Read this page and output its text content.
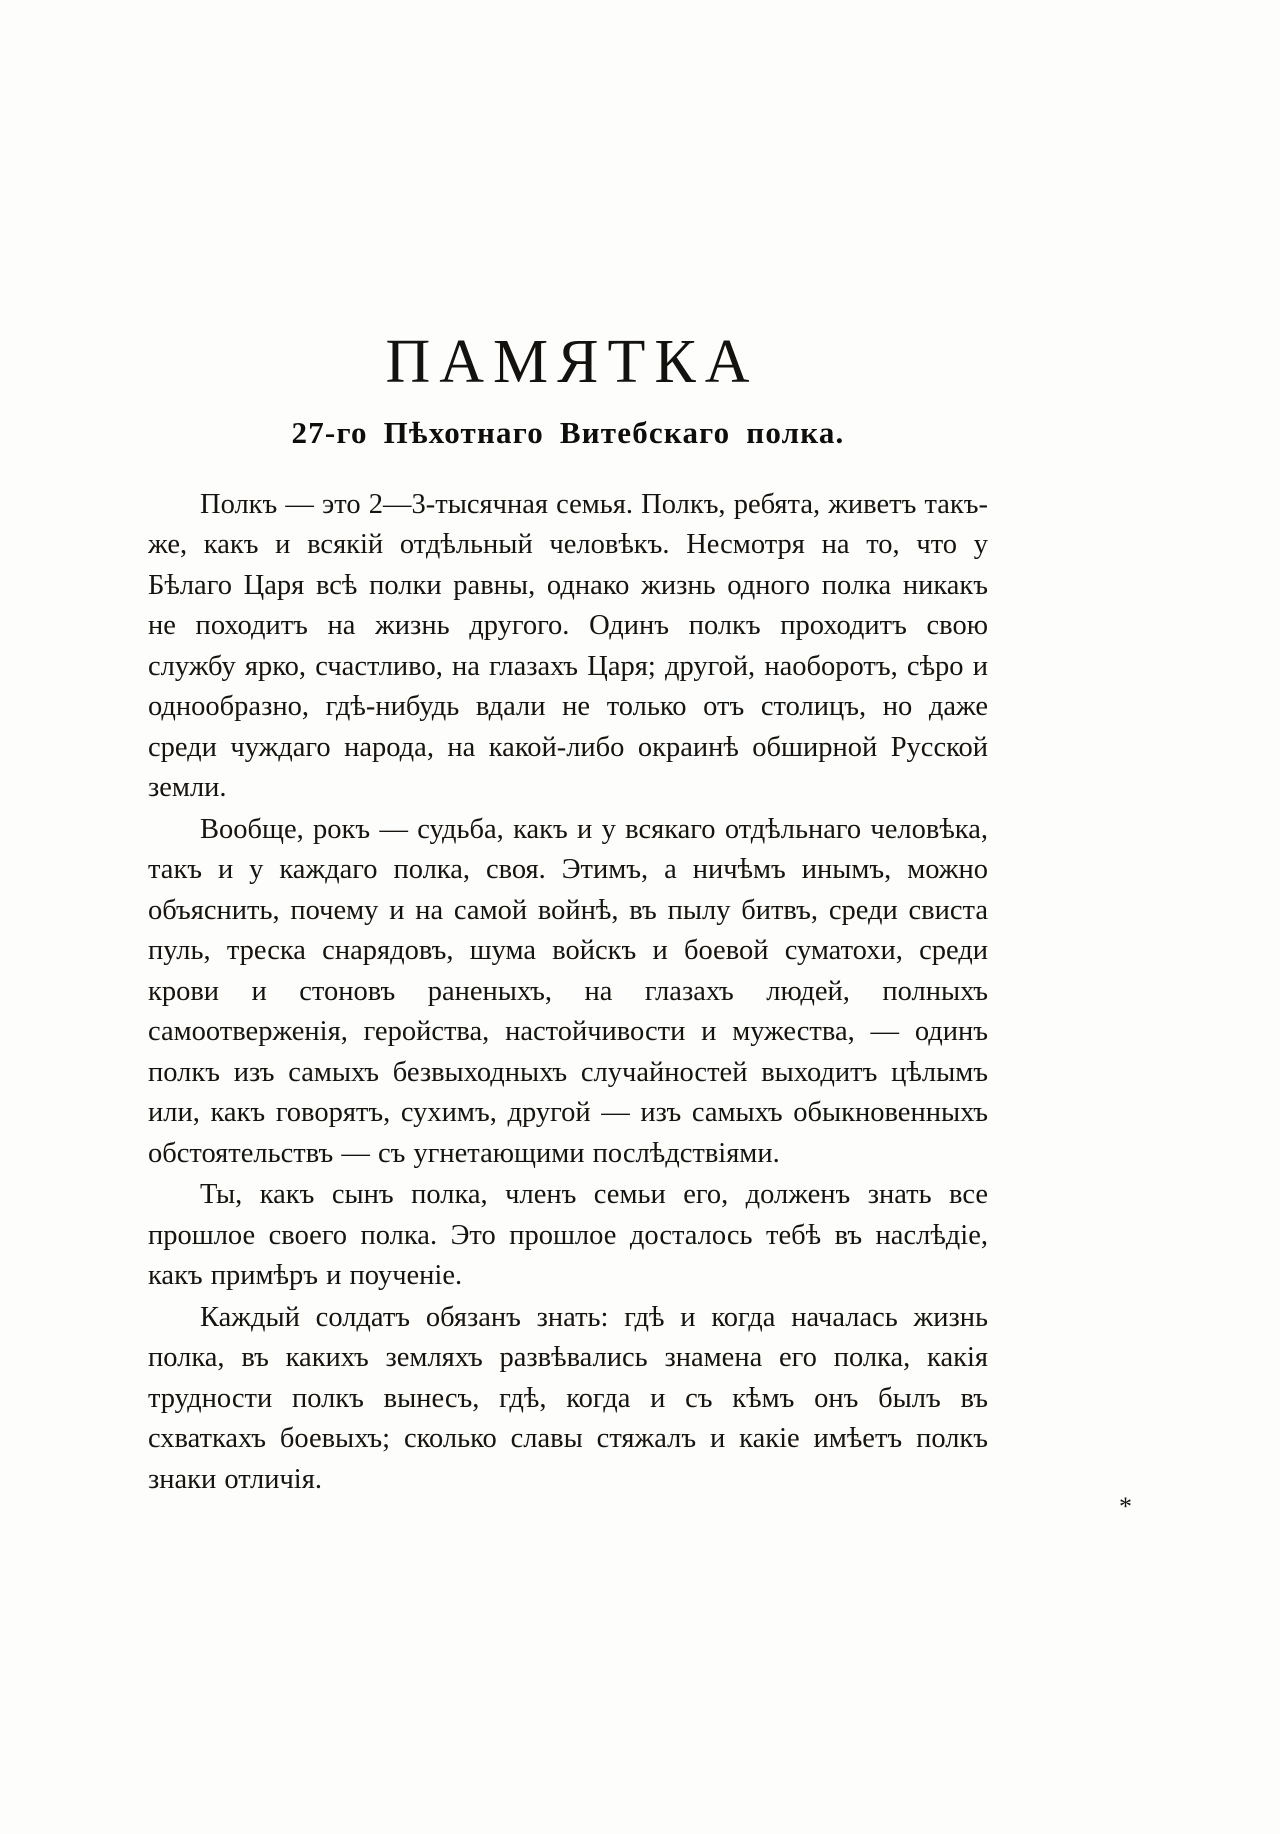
ПАМЯТКА
27-го Пѣхотнаго Витебскаго полка.

Полкъ — это 2—3-тысячная семья. Полкъ, ребята, живетъ такъ-же, какъ и всякiй отдѣльный человѣкъ. Несмотря на то, что у Бѣлаго Царя всѣ полки равны, однако жизнь одного полка никакъ не походитъ на жизнь другого. Одинъ полкъ проходитъ свою службу ярко, счастливо, на глазахъ Царя; другой, наоборотъ, сѣро и однообразно, гдѣ-нибудь вдали не только отъ столицъ, но даже среди чуждаго народа, на какой-либо окраинѣ обширной Русской земли.

Вообще, рокъ — судьба, какъ и у всякаго отдѣльнаго человѣка, такъ и у каждаго полка, своя. Этимъ, а ничѣмъ инымъ, можно объяснить, почему и на самой войнѣ, въ пылу битвъ, среди свиста пуль, треска снарядовъ, шума войскъ и боевой суматохи, среди крови и стоновъ раненыхъ, на глазахъ людей, полныхъ самоотверженiя, геройства, настойчивости и мужества, — одинъ полкъ изъ самыхъ безвыходныхъ случайностей выходитъ цѣлымъ или, какъ говорятъ, сухимъ, другой — изъ самыхъ обыкновенныхъ обстоятельствъ — съ угнетающими послѣдствiями.

Ты, какъ сынъ полка, членъ семьи его, долженъ знать все прошлое своего полка. Это прошлое досталось тебѣ въ наслѣдiе, какъ примѣръ и поученiе.

Каждый солдатъ обязанъ знать: гдѣ и когда началась жизнь полка, въ какихъ земляхъ развѣвались знамена его полка, какiя трудности полкъ вынесъ, гдѣ, когда и съ кѣмъ онъ былъ въ схваткахъ боевыхъ; сколько славы стяжалъ и какiе имѣетъ полкъ знаки отличiя.

*
